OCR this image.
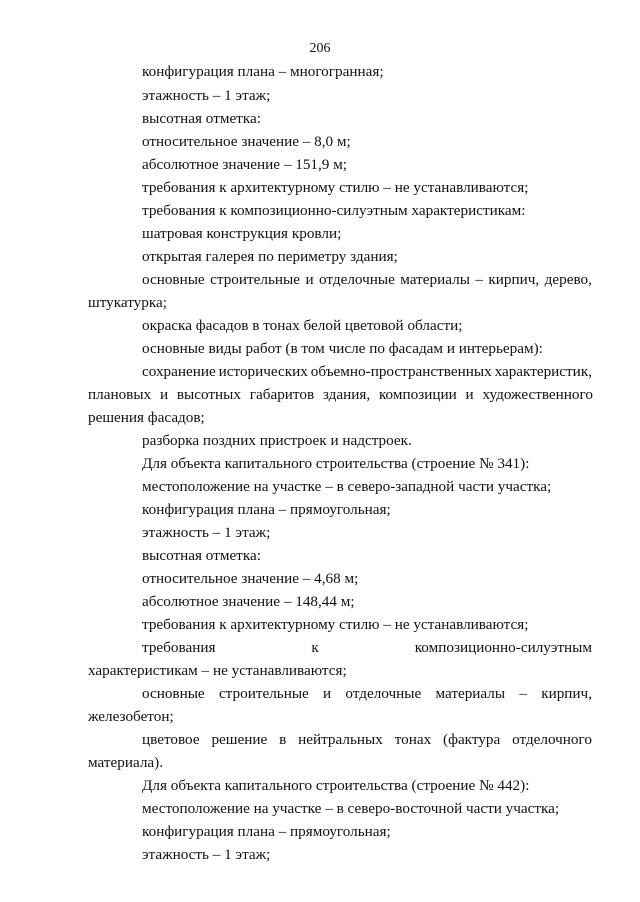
206
конфигурация плана – многогранная;
этажность – 1 этаж;
высотная отметка:
относительное значение – 8,0 м;
абсолютное значение – 151,9 м;
требования к архитектурному стилю – не устанавливаются;
требования к композиционно-силуэтным характеристикам:
шатровая конструкция кровли;
открытая галерея по периметру здания;
основные строительные и отделочные материалы – кирпич, дерево,
штукатурка;
окраска фасадов в тонах белой цветовой области;
основные виды работ (в том числе по фасадам и интерьерам):
сохранение исторических объемно-пространственных характеристик,
плановых и высотных габаритов здания, композиции и художественного
решения фасадов;
разборка поздних пристроек и надстроек.
Для объекта капитального строительства (строение № 341):
местоположение на участке – в северо-западной части участка;
конфигурация плана – прямоугольная;
этажность – 1 этаж;
высотная отметка:
относительное значение – 4,68 м;
абсолютное значение – 148,44 м;
требования к архитектурному стилю – не устанавливаются;
требования	к	композиционно-силуэтным
характеристикам – не устанавливаются;
основные строительные и отделочные материалы – кирпич,
железобетон;
цветовое решение в нейтральных тонах (фактура отделочного
материала).
Для объекта капитального строительства (строение № 442):
местоположение на участке – в северо-восточной части участка;
конфигурация плана – прямоугольная;
этажность – 1 этаж;
